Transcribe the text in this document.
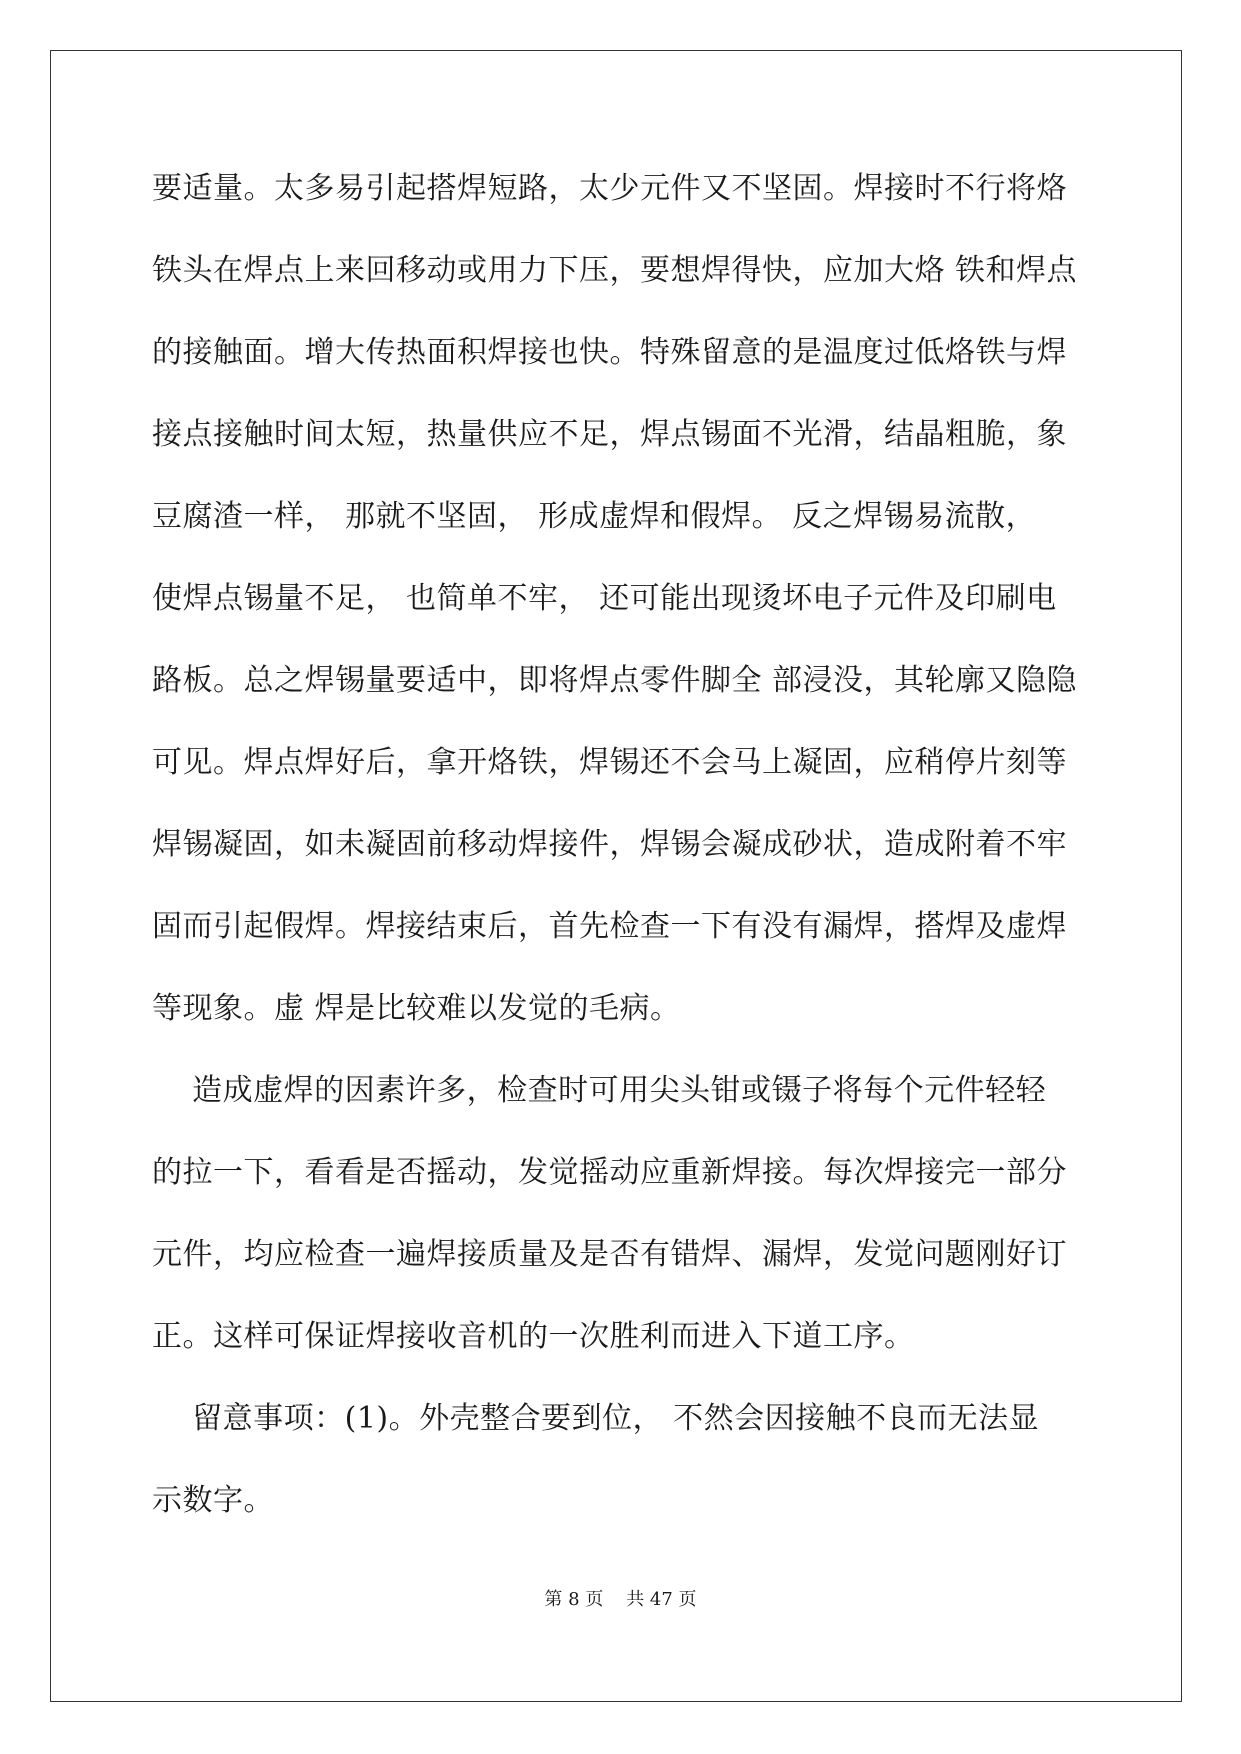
要适量。太多易引起搭焊短路，太少元件又不坚固。焊接时不行将烙
铁头在焊点上来回移动或用力下压，要想焊得快，应加大烙 铁和焊点
的接触面。增大传热面积焊接也快。特殊留意的是温度过低烙铁与焊
接点接触时间太短，热量供应不足，焊点锡面不光滑，结晶粗脆，象
豆腐渣一样， 那就不坚固， 形成虚焊和假焊。 反之焊锡易流散，
使焊点锡量不足， 也简单不牢， 还可能出现烫坏电子元件及印刷电
路板。总之焊锡量要适中，即将焊点零件脚全 部浸没，其轮廓又隐隐
可见。焊点焊好后，拿开烙铁，焊锡还不会马上凝固，应稍停片刻等
焊锡凝固，如未凝固前移动焊接件，焊锡会凝成砂状，造成附着不牢
固而引起假焊。焊接结束后，首先检查一下有没有漏焊，搭焊及虚焊
等现象。虚 焊是比较难以发觉的毛病。
造成虚焊的因素许多，检查时可用尖头钳或镊子将每个元件轻轻
的拉一下，看看是否摇动，发觉摇动应重新焊接。每次焊接完一部分
元件，均应检查一遍焊接质量及是否有错焊、漏焊，发觉问题刚好订
正。这样可保证焊接收音机的一次胜利而进入下道工序。
留意事项：(1)。外壳整合要到位， 不然会因接触不良而无法显
示数字。
第 8 页    共 47 页
